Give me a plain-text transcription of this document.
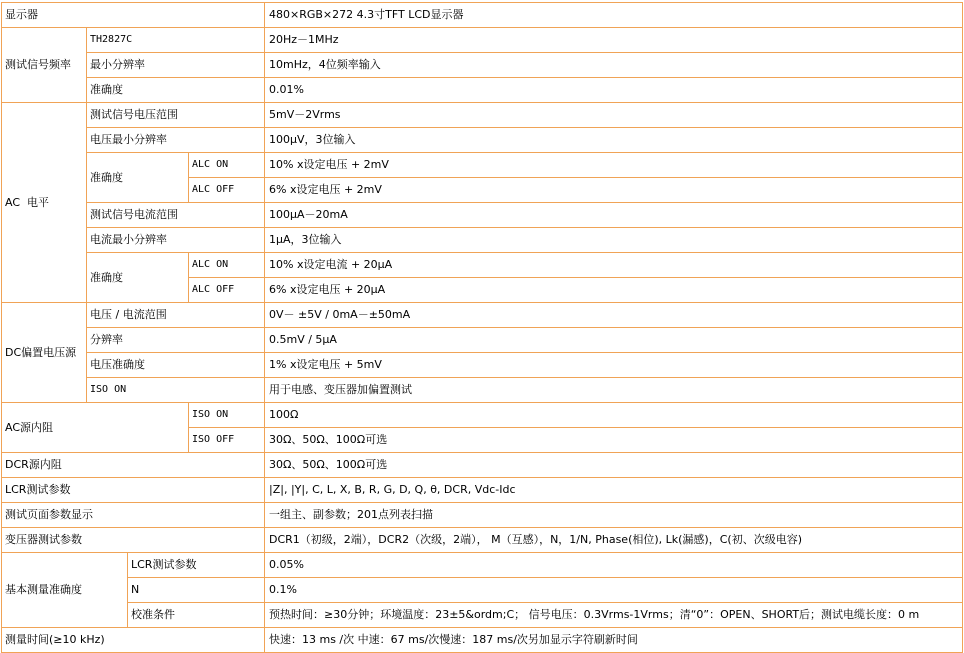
显示器				480×RGB×272 4.3寸TFT LCD显示器
测试信号频率	TH2827C			20Hz－1MHz
	最小分辨率			10mHz，4位频率输入
	准确度			0.01%
AC  电平	测试信号电压范围			5mV－2Vrms
	电压最小分辨率			100μV，3位输入
	准确度		ALC ON	10% x设定电压 + 2mV
			ALC OFF	6% x设定电压 + 2mV
	测试信号电流范围			100μA－20mA
	电流最小分辨率			1μA，3位输入
	准确度		ALC ON	10% x设定电流 + 20μA
			ALC OFF	6% x设定电压 + 20μA
DC偏置电压源	电压 / 电流范围			0V－ ±5V / 0mA－±50mA
	分辨率			0.5mV / 5μA
	电压准确度			1% x设定电压 + 5mV
	ISO ON			用于电感、变压器加偏置测试
AC源内阻			ISO ON	100Ω
			ISO OFF	30Ω、50Ω、100Ω可选
DCR源内阻				30Ω、50Ω、100Ω可选
LCR测试参数				|Z|, |Y|, C, L, X, B, R, G, D, Q, θ, DCR, Vdc-Idc
测试页面参数显示				一组主、副参数；201点列表扫描
变压器测试参数				DCR1（初级，2端），DCR2（次级，2端）， M（互感），N，1/N, Phase(相位), Lk(漏感)，C(初、次级电容)
基本测量准确度		LCR测试参数		0.05%
		N		0.1%
		校准条件		预热时间：≥30分钟；环境温度：23±5&ordm;C； 信号电压：0.3Vrms-1Vrms；清“0”：OPEN、SHORT后；测试电缆长度：0 m
测量时间(≥10 kHz)				快速：13 ms /次 中速：67 ms/次慢速：187 ms/次另加显示字符刷新时间
